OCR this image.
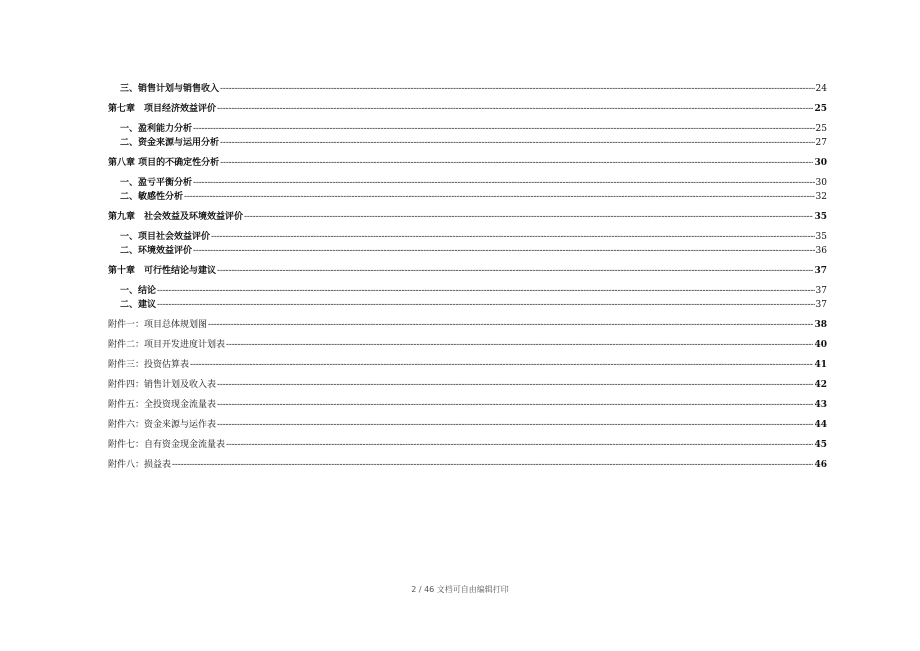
三、销售计划与销售收入 -----	24
第七章　项目经济效益评价 -----	25
一、盈利能力分析 -----	25
二、资金来源与运用分析 -----	27
第八章 项目的不确定性分析 -----	30
一、盈亏平衡分析 -----	30
二、敏感性分析 -----	32
第九章　社会效益及环境效益评价 -----	35
一、项目社会效益评价 -----	35
二、环境效益评价 -----	36
第十章　可行性结论与建议 -----	37
一、结论 -----	37
二、建议 -----	37
附件一：项目总体规划图 -----	38
附件二：项目开发进度计划表 -----	40
附件三：投资估算表 -----	41
附件四：销售计划及收入表 -----	42
附件五：全投资现金流量表 -----	43
附件六：资金来源与运作表 -----	44
附件七：自有资金现金流量表 -----	45
附件八：损益表 -----	46
2 / 46 文档可自由编辑打印
